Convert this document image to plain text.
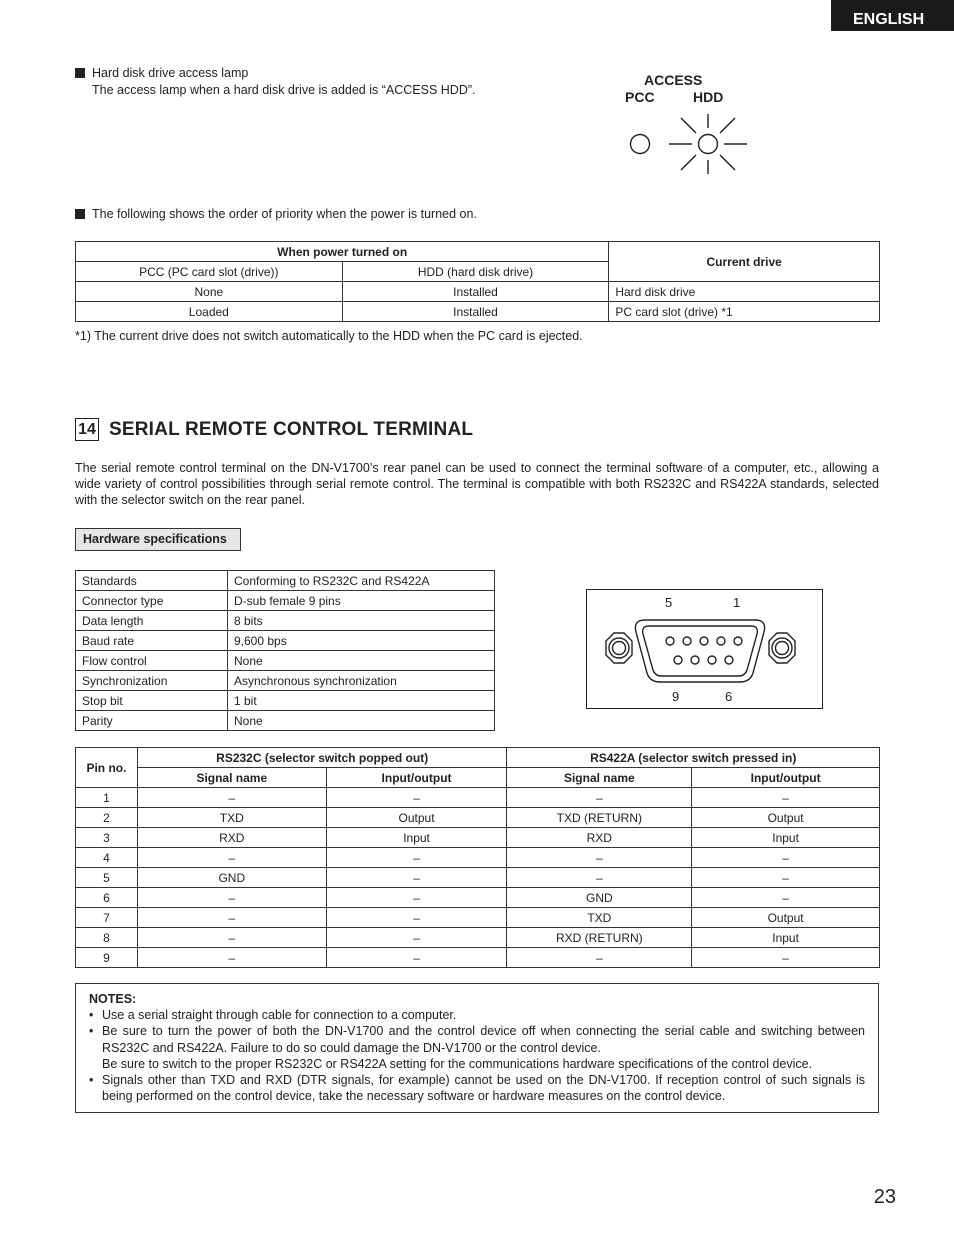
ENGLISH
Hard disk drive access lamp
The access lamp when a hard disk drive is added is “ACCESS HDD”.
ACCESS
PCC	HDD
The following shows the order of priority when the power is turned on.
When power turned on		Current drive
PCC (PC card slot (drive))	HDD (hard disk drive)	
None	Installed	Hard disk drive
Loaded	Installed	PC card slot (drive) *1
*1) The current drive does not switch automatically to the HDD when the PC card is ejected.
14 SERIAL REMOTE CONTROL TERMINAL
The serial remote control terminal on the DN-V1700’s rear panel can be used to connect the terminal software of a computer, etc., allowing a wide variety of control possibilities through serial remote control. The terminal is compatible with both RS232C and RS422A standards, selected with the selector switch on the rear panel.
Hardware specifications
Standards	Conforming to RS232C and RS422A
Connector type	D-sub female 9 pins
Data length	8 bits
Baud rate	9,600 bps
Flow control	None
Synchronization	Asynchronous synchronization
Stop bit	1 bit
Parity	None
5	1
9	6
Pin no.	RS232C (selector switch popped out)		RS422A (selector switch pressed in)	
	Signal name	Input/output	Signal name	Input/output
1	–	–	–	–
2	TXD	Output	TXD (RETURN)	Output
3	RXD	Input	RXD	Input
4	–	–	–	–
5	GND	–	–	–
6	–	–	GND	–
7	–	–	TXD	Output
8	–	–	RXD (RETURN)	Input
9	–	–	–	–
NOTES:
• Use a serial straight through cable for connection to a computer.
• Be sure to turn the power of both the DN-V1700 and the control device off when connecting the serial cable and switching between RS232C and RS422A. Failure to do so could damage the DN-V1700 or the control device.
Be sure to switch to the proper RS232C or RS422A setting for the communications hardware specifications of the control device.
• Signals other than TXD and RXD (DTR signals, for example) cannot be used on the DN-V1700. If reception control of such signals is being performed on the control device, take the necessary software or hardware measures on the control device.
23
